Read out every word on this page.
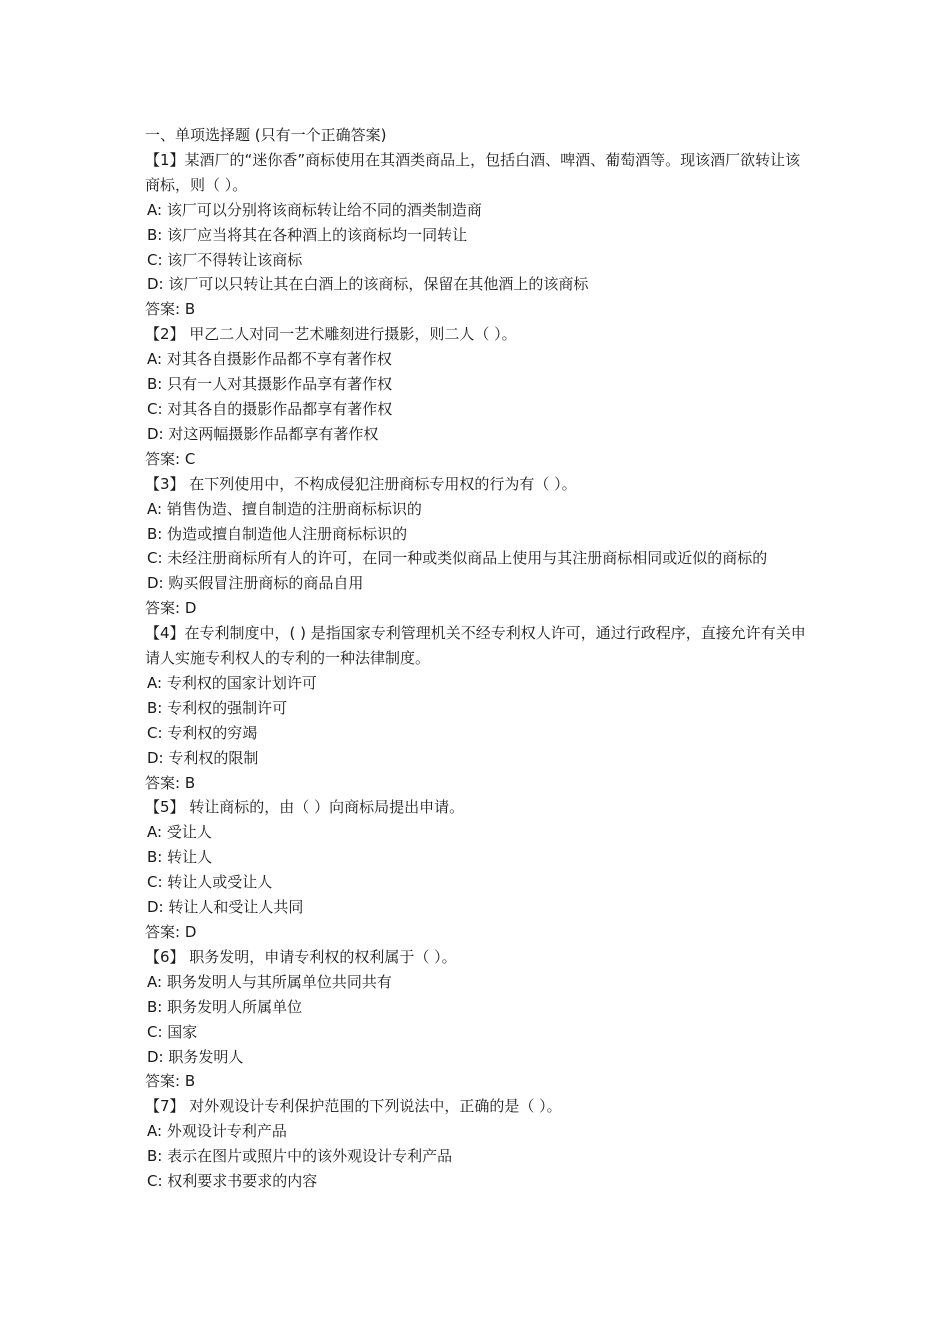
一、单项选择题 (只有一个正确答案)

【1】某酒厂的“迷你香”商标使用在其酒类商品上，包括白酒、啤酒、葡萄酒等。现该酒厂欲转让该商标，则（ ）。

A: 该厂可以分别将该商标转让给不同的酒类制造商

B: 该厂应当将其在各种酒上的该商标均一同转让

C: 该厂不得转让该商标

D: 该厂可以只转让其在白酒上的该商标，保留在其他酒上的该商标

答案: B

【2】 甲乙二人对同一艺术雕刻进行摄影，则二人（ ）。

A: 对其各自摄影作品都不享有著作权

B: 只有一人对其摄影作品享有著作权

C: 对其各自的摄影作品都享有著作权

D: 对这两幅摄影作品都享有著作权

答案: C

【3】 在下列使用中，不构成侵犯注册商标专用权的行为有（ ）。

A: 销售伪造、擅自制造的注册商标标识的

B: 伪造或擅自制造他人注册商标标识的

C: 未经注册商标所有人的许可，在同一种或类似商品上使用与其注册商标相同或近似的商标的

D: 购买假冒注册商标的商品自用

答案: D

【4】在专利制度中，( ) 是指国家专利管理机关不经专利权人许可，通过行政程序，直接允许有关申请人实施专利权人的专利的一种法律制度。

A: 专利权的国家计划许可

B: 专利权的强制许可

C: 专利权的穷竭

D: 专利权的限制

答案: B

【5】 转让商标的，由（ ）向商标局提出申请。

A: 受让人

B: 转让人

C: 转让人或受让人

D: 转让人和受让人共同

答案: D

【6】 职务发明，申请专利权的权利属于（ ）。

A: 职务发明人与其所属单位共同共有

B: 职务发明人所属单位

C: 国家

D: 职务发明人

答案: B

【7】 对外观设计专利保护范围的下列说法中，正确的是（ ）。

A: 外观设计专利产品

B: 表示在图片或照片中的该外观设计专利产品

C: 权利要求书要求的内容
